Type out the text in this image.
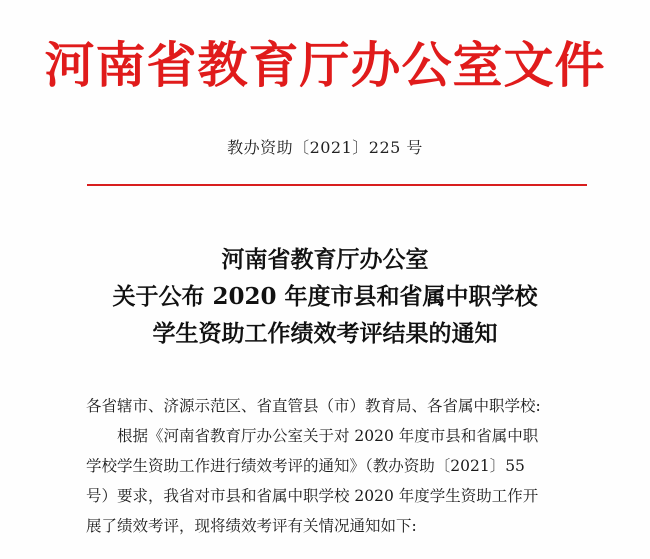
河南省教育厅办公室文件
教办资助〔2021〕225 号
河南省教育厅办公室
关于公布 2020 年度市县和省属中职学校
学生资助工作绩效考评结果的通知

各省辖市、济源示范区、省直管县（市）教育局、各省属中职学校:

根据《河南省教育厅办公室关于对 2020 年度市县和省属中职

学校学生资助工作进行绩效考评的通知》（教办资助〔2021〕55

号）要求，我省对市县和省属中职学校 2020 年度学生资助工作开

展了绩效考评，现将绩效考评有关情况通知如下:
